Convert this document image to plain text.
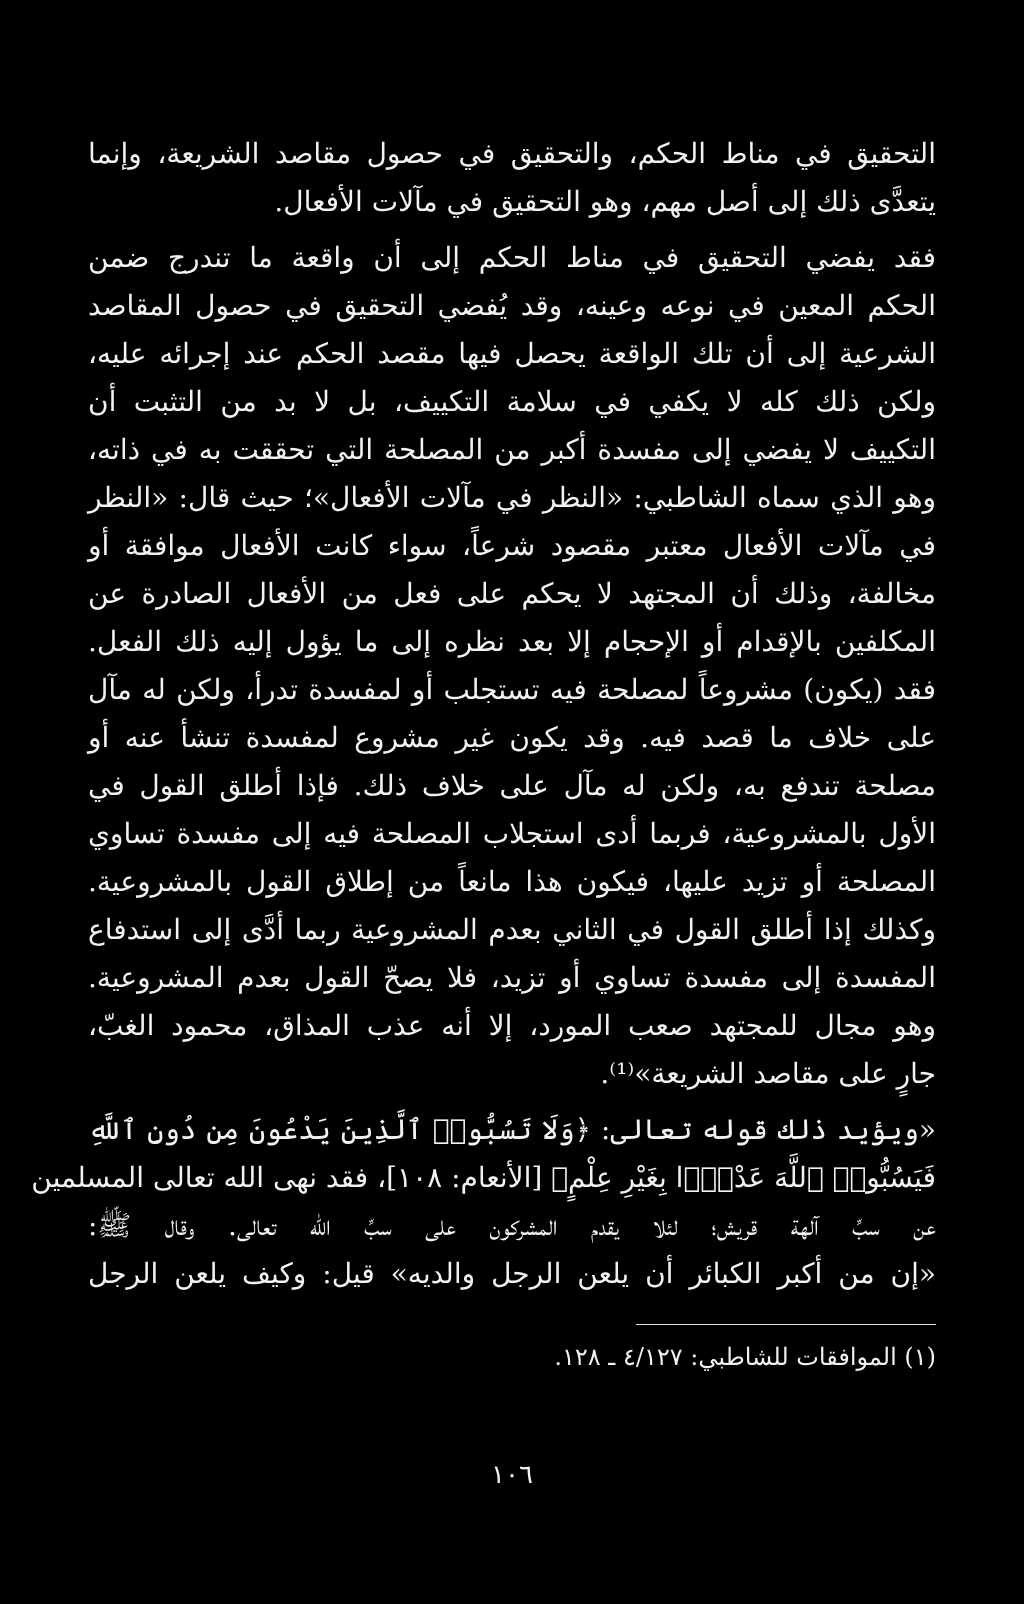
التحقيق في مناط الحكم، والتحقيق في حصول مقاصد الشريعة، وإنما
يتعدَّى ذلك إلى أصل مهم، وهو التحقيق في مآلات الأفعال.
فقد يفضي التحقيق في مناط الحكم إلى أن واقعة ما تندرج ضمن
الحكم المعين في نوعه وعينه، وقد يُفضي التحقيق في حصول المقاصد
الشرعية إلى أن تلك الواقعة يحصل فيها مقصد الحكم عند إجرائه عليه،
ولكن ذلك كله لا يكفي في سلامة التكييف، بل لا بد من التثبت أن
التكييف لا يفضي إلى مفسدة أكبر من المصلحة التي تحققت به في ذاته،
وهو الذي سماه الشاطبي: «النظر في مآلات الأفعال»؛ حيث قال: «النظر
في مآلات الأفعال معتبر مقصود شرعاً، سواء كانت الأفعال موافقة أو
مخالفة، وذلك أن المجتهد لا يحكم على فعل من الأفعال الصادرة عن
المكلفين بالإقدام أو الإحجام إلا بعد نظره إلى ما يؤول إليه ذلك الفعل.
فقد (يكون) مشروعاً لمصلحة فيه تستجلب أو لمفسدة تدرأ، ولكن له مآل
على خلاف ما قصد فيه. وقد يكون غير مشروع لمفسدة تنشأ عنه أو
مصلحة تندفع به، ولكن له مآل على خلاف ذلك. فإذا أطلق القول في
الأول بالمشروعية، فربما أدى استجلاب المصلحة فيه إلى مفسدة تساوي
المصلحة أو تزيد عليها، فيكون هذا مانعاً من إطلاق القول بالمشروعية.
وكذلك إذا أطلق القول في الثاني بعدم المشروعية ربما أدَّى إلى استدفاع
المفسدة إلى مفسدة تساوي أو تزيد، فلا يصحّ القول بعدم المشروعية.
وهو مجال للمجتهد صعب المورد، إلا أنه عذب المذاق، محمود الغبّ،
جارٍ على مقاصد الشريعة»⁽¹⁾.
«ويؤيد ذلك قوله تعالى: ﴿وَلَا تَسُبُّوا۟ ٱلَّذِينَ يَدْعُونَ مِن دُونِ ٱللَّهِ
فَيَسُبُّوا۟ ٱللَّهَ عَدْوًۢا بِغَيْرِ عِلْمٍ﴾ [الأنعام: ١٠٨]، فقد نهى الله تعالى المسلمين
عن سبِّ آلهة قريش؛ لئلا يقدم المشركون على سبِّ الله تعالى. وقال ﷺ:
«إن من أكبر الكبائر أن يلعن الرجل والديه» قيل: وكيف يلعن الرجل
(١) الموافقات للشاطبي: ٤/١٢٧ ـ ١٢٨.
١٠٦
